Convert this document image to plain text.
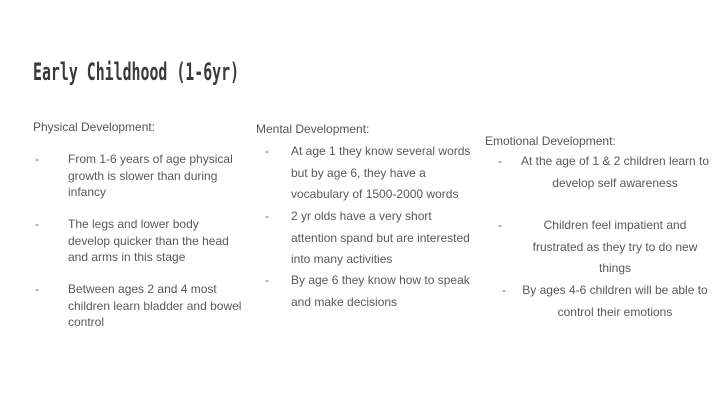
Early Childhood (1-6yr)
Physical Development:
- From 1-6 years of age physical growth is slower than during infancy
- The legs and lower body develop quicker than the head and arms in this stage
- Between ages 2 and 4 most children learn bladder and bowel control
Mental Development:
- At age 1 they know several words but by age 6, they have a vocabulary of 1500-2000 words
- 2 yr olds have a very short attention spand but are interested into many activities
- By age 6 they know how to speak and make decisions
Emotional Development:
- At the age of 1 & 2 children learn to develop self awareness
-	Children feel impatient and frustrated as they try to do new things
- By ages 4-6 children will be able to control their emotions
